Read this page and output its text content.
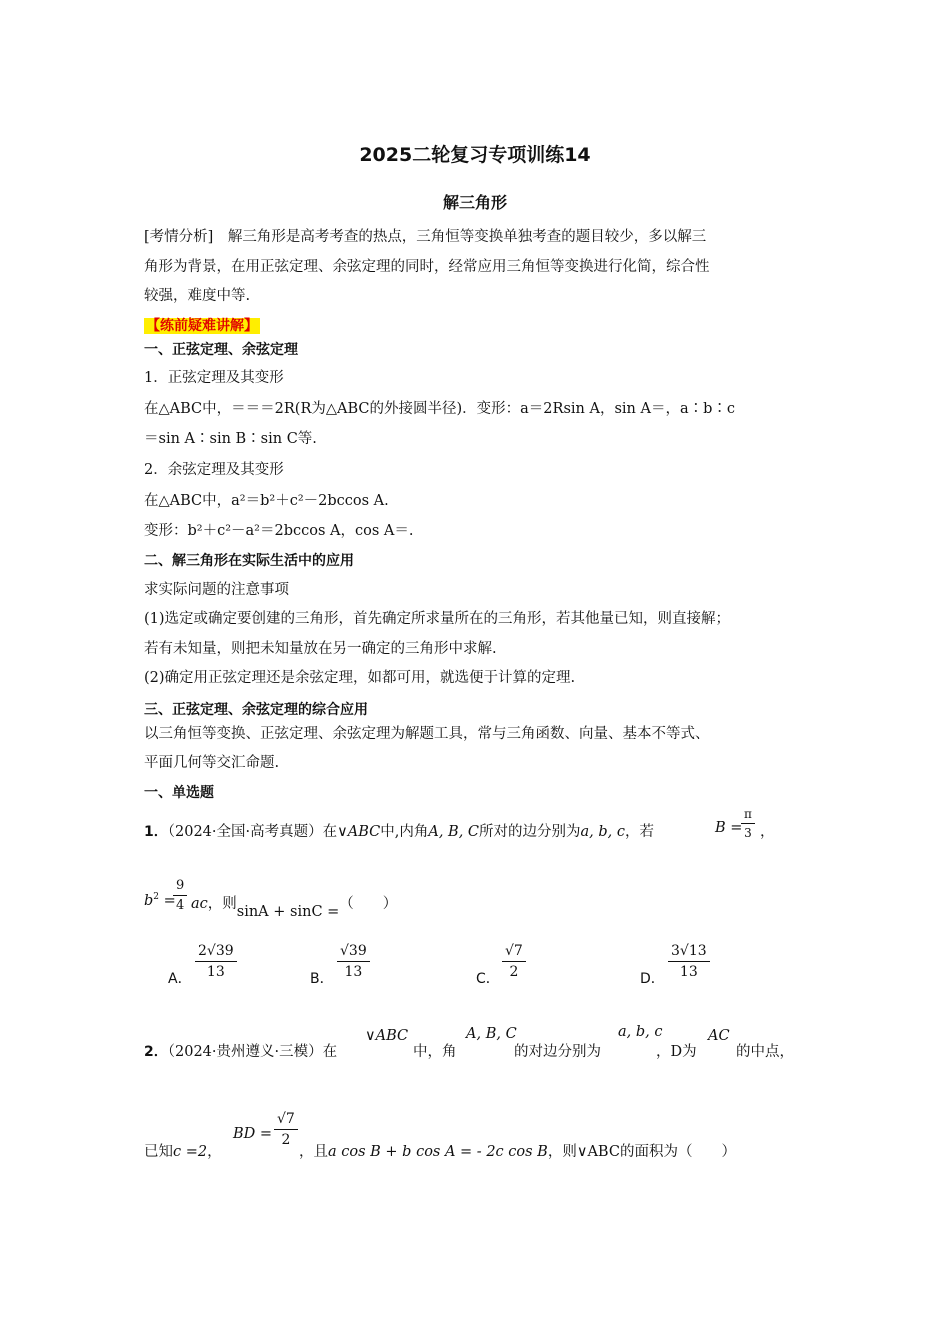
2025二轮复习专项训练14
解三角形
[考情分析]　解三角形是高考考查的热点，三角恒等变换单独考查的题目较少，多以解三
角形为背景，在用正弦定理、余弦定理的同时，经常应用三角恒等变换进行化简，综合性
较强，难度中等.
【练前疑难讲解】
一、正弦定理、余弦定理
1．正弦定理及其变形
在△ABC中，＝＝＝2R(R为△ABC的外接圆半径)．变形：a＝2Rsin A，sin A＝，a∶b∶c
＝sin A∶sin B∶sin C等.
2．余弦定理及其变形
在△ABC中，a²＝b²＋c²－2bccos A.
变形：b²＋c²－a²＝2bccos A，cos A＝.
二、解三角形在实际生活中的应用
求实际问题的注意事项
(1)选定或确定要创建的三角形，首先确定所求量所在的三角形，若其他量已知，则直接解；
若有未知量，则把未知量放在另一确定的三角形中求解.
(2)确定用正弦定理还是余弦定理，如都可用，就选便于计算的定理.
三、正弦定理、余弦定理的综合应用
以三角恒等变换、正弦定理、余弦定理为解题工具，常与三角函数、向量、基本不等式、
平面几何等交汇命题.
一、单选题
1．（2024·全国·高考真题）在∨ABC中,内角A, B, C所对的边分别为a, b, c，若	B =
$\frac{\pi}{3}$ ，
$b^2$ =
$\frac{9}{4}$ ac，则sinA + sinC =（　　）
A． $\frac{2√39}{13}$	B． $\frac{√39}{13}$	C． $\frac{√7}{2}$	D． $\frac{3√13}{13}$
2．（2024·贵州遵义·三模）在
∨ABC
中，角
A, B, C
的对边分别为
a, b, c
，D为
AC
的中点，
已知c =2，
BD = $\frac{√7}{2}$
，且a cos B + b cos A = - 2c cos B，则∨ABC的面积为（　　）
